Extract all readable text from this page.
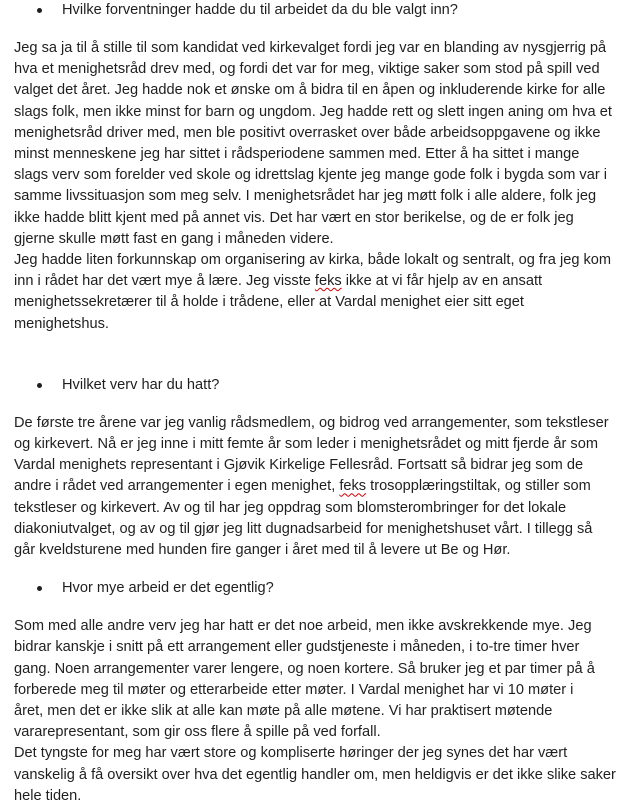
Hvilke forventninger hadde du til arbeidet da du ble valgt inn?

Jeg sa ja til å stille til som kandidat ved kirkevalget fordi jeg var en blanding av nysgjerrig på

hva et menighetsråd drev med, og fordi det var for meg, viktige saker som stod på spill ved

valget det året. Jeg hadde nok et ønske om å bidra til en åpen og inkluderende kirke for alle

slags folk, men ikke minst for barn og ungdom. Jeg hadde rett og slett ingen aning om hva et

menighetsråd driver med, men ble positivt overrasket over både arbeidsoppgavene og ikke

minst menneskene jeg har sittet i rådsperiodene sammen med. Etter å ha sittet i mange

slags verv som forelder ved skole og idrettslag kjente jeg mange gode folk i bygda som var i

samme livssituasjon som meg selv. I menighetsrådet har jeg møtt folk i alle aldere, folk jeg

ikke hadde blitt kjent med på annet vis. Det har vært en stor berikelse, og de er folk jeg

gjerne skulle møtt fast en gang i måneden videre.

Jeg hadde liten forkunnskap om organisering av kirka, både lokalt og sentralt, og fra jeg kom

inn i rådet har det vært mye å lære. Jeg visste feks ikke at vi får hjelp av en ansatt

menighetssekretærer til å holde i trådene, eller at Vardal menighet eier sitt eget

menighetshus.

Hvilket verv har du hatt?

De første tre årene var jeg vanlig rådsmedlem, og bidrog ved arrangementer, som tekstleser

og kirkevert. Nå er jeg inne i mitt femte år som leder i menighetsrådet og mitt fjerde år som

Vardal menighets representant i Gjøvik Kirkelige Fellesråd. Fortsatt så bidrar jeg som de

andre i rådet ved arrangementer i egen menighet, feks trosopplæringstiltak, og stiller som

tekstleser og kirkevert. Av og til har jeg oppdrag som blomsterombringer for det lokale

diakoniutvalget, og av og til gjør jeg litt dugnadsarbeid for menighetshuset vårt. I tillegg så

går kveldsturene med hunden fire ganger i året med til å levere ut Be og Hør.

Hvor mye arbeid er det egentlig?

Som med alle andre verv jeg har hatt er det noe arbeid, men ikke avskrekkende mye. Jeg

bidrar kanskje i snitt på ett arrangement eller gudstjeneste i måneden, i to-tre timer hver

gang. Noen arrangementer varer lengere, og noen kortere. Så bruker jeg et par timer på å

forberede meg til møter og etterarbeide etter møter. I Vardal menighet har vi 10 møter i

året, men det er ikke slik at alle kan møte på alle møtene. Vi har praktisert møtende

vararepresentant, som gir oss flere å spille på ved forfall.

Det tyngste for meg har vært store og kompliserte høringer der jeg synes det har vært

vanskelig å få oversikt over hva det egentlig handler om, men heldigvis er det ikke slike saker

hele tiden.
